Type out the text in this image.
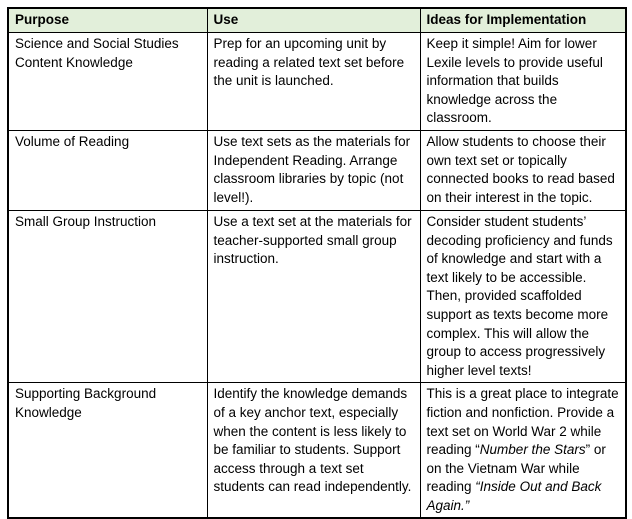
Purpose	Use	Ideas for Implementation
Science and Social Studies Content Knowledge	Prep for an upcoming unit by reading a related text set before the unit is launched.	Keep it simple! Aim for lower Lexile levels to provide useful information that builds knowledge across the classroom.
Volume of Reading	Use text sets as the materials for Independent Reading. Arrange classroom libraries by topic (not level!).	Allow students to choose their own text set or topically connected books to read based on their interest in the topic.
Small Group Instruction	Use a text set at the materials for teacher-supported small group instruction.	Consider student students’ decoding proficiency and funds of knowledge and start with a text likely to be accessible. Then, provided scaffolded support as texts become more complex. This will allow the group to access progressively higher level texts!
Supporting Background Knowledge	Identify the knowledge demands of a key anchor text, especially when the content is less likely to be familiar to students. Support access through a text set students can read independently.	This is a great place to integrate fiction and nonfiction. Provide a text set on World War 2 while reading “Number the Stars” or on the Vietnam War while reading “Inside Out and Back Again.”
